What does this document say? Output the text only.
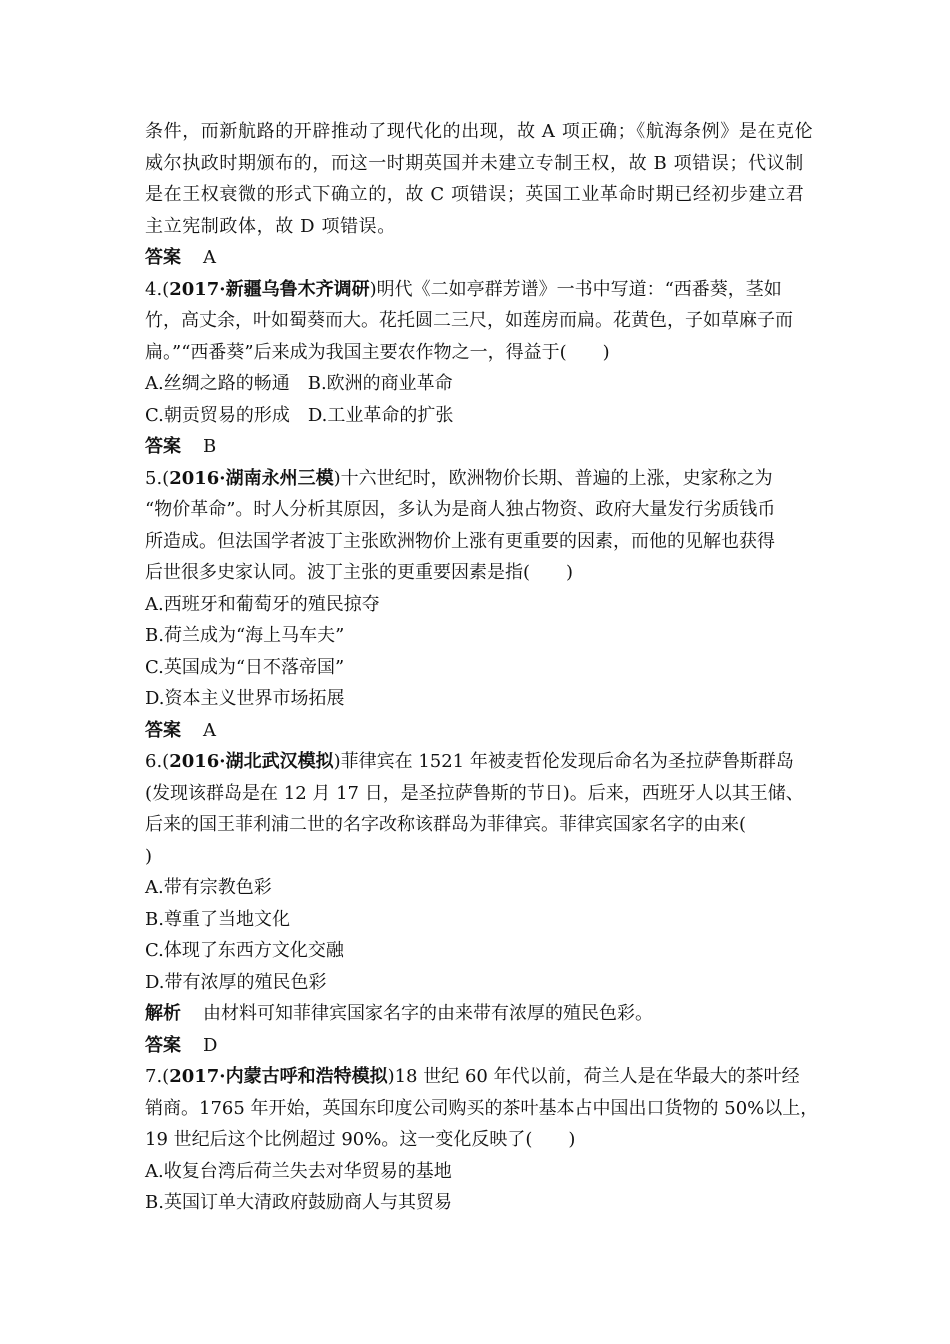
条件，而新航路的开辟推动了现代化的出现，故 A 项正确；《航海条例》是在克伦
威尔执政时期颁布的，而这一时期英国并未建立专制王权，故 B 项错误；代议制
是在王权衰微的形式下确立的，故 C 项错误；英国工业革命时期已经初步建立君
主立宪制政体，故 D 项错误。
答案 A
4.(2017·新疆乌鲁木齐调研)明代《二如亭群芳谱》一书中写道：“西番葵，茎如
竹，高丈余，叶如蜀葵而大。花托圆二三尺，如莲房而扁。花黄色，子如草麻子而
扁。”“西番葵”后来成为我国主要农作物之一，得益于(　　)
A.丝绸之路的畅通　B.欧洲的商业革命
C.朝贡贸易的形成　D.工业革命的扩张
答案 B
5.(2016·湖南永州三模)十六世纪时，欧洲物价长期、普遍的上涨，史家称之为
“物价革命”。时人分析其原因，多认为是商人独占物资、政府大量发行劣质钱币
所造成。但法国学者波丁主张欧洲物价上涨有更重要的因素，而他的见解也获得
后世很多史家认同。波丁主张的更重要因素是指(　　)
A.西班牙和葡萄牙的殖民掠夺
B.荷兰成为“海上马车夫”
C.英国成为“日不落帝国”
D.资本主义世界市场拓展
答案 A
6.(2016·湖北武汉模拟)菲律宾在 1521 年被麦哲伦发现后命名为圣拉萨鲁斯群岛
(发现该群岛是在 12 月 17 日，是圣拉萨鲁斯的节日)。后来，西班牙人以其王储、
后来的国王菲利浦二世的名字改称该群岛为菲律宾。菲律宾国家名字的由来(
)
A.带有宗教色彩
B.尊重了当地文化
C.体现了东西方文化交融
D.带有浓厚的殖民色彩
解析 由材料可知菲律宾国家名字的由来带有浓厚的殖民色彩。
答案 D
7.(2017·内蒙古呼和浩特模拟)18 世纪 60 年代以前，荷兰人是在华最大的茶叶经
销商。1765 年开始，英国东印度公司购买的茶叶基本占中国出口货物的 50%以上，
19 世纪后这个比例超过 90%。这一变化反映了(　　)
A.收复台湾后荷兰失去对华贸易的基地
B.英国订单大清政府鼓励商人与其贸易
